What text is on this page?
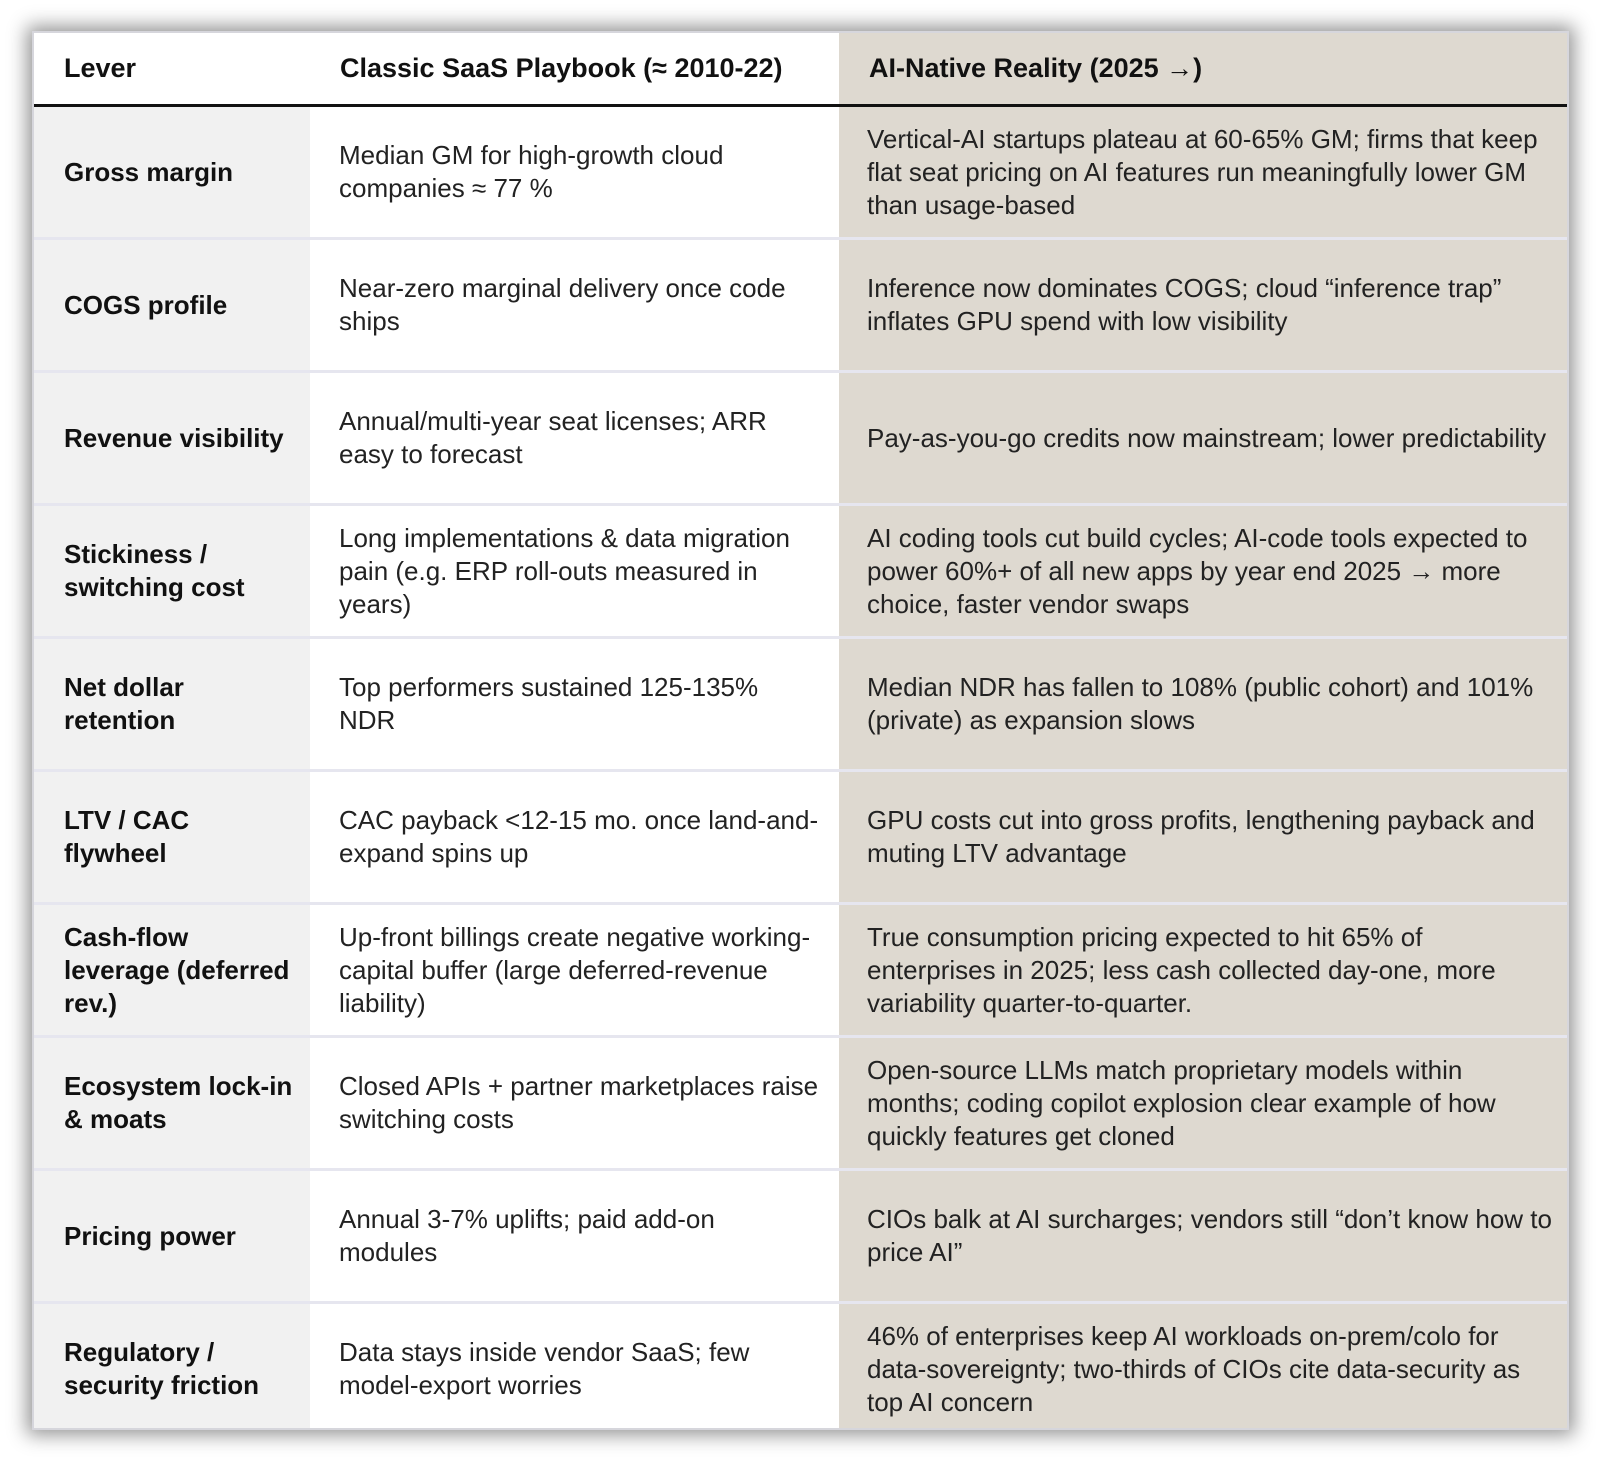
Lever	Classic SaaS Playbook (≈ 2010-22)	AI-Native Reality (2025 →)
Gross margin	Median GM for high-growth cloud companies ≈ 77 %	Vertical-AI startups plateau at 60-65% GM; firms that keep flat seat pricing on AI features run meaningfully lower GM than usage-based
COGS profile	Near-zero marginal delivery once code ships	Inference now dominates COGS; cloud “inference trap” inflates GPU spend with low visibility
Revenue visibility	Annual/multi-year seat licenses; ARR easy to forecast	Pay-as-you-go credits now mainstream; lower predictability
Stickiness / switching cost	Long implementations & data migration pain (e.g. ERP roll-outs measured in years)	AI coding tools cut build cycles; AI-code tools expected to power 60%+ of all new apps by year end 2025 → more choice, faster vendor swaps
Net dollar retention	Top performers sustained 125-135% NDR	Median NDR has fallen to 108% (public cohort) and 101% (private) as expansion slows
LTV / CAC flywheel	CAC payback <12-15 mo. once land-and-expand spins up	GPU costs cut into gross profits, lengthening payback and muting LTV advantage
Cash-flow leverage (deferred rev.)	Up-front billings create negative working-capital buffer (large deferred-revenue liability)	True consumption pricing expected to hit 65% of enterprises in 2025; less cash collected day-one, more variability quarter-to-quarter.
Ecosystem lock-in & moats	Closed APIs + partner marketplaces raise switching costs	Open-source LLMs match proprietary models within months; coding copilot explosion clear example of how quickly features get cloned
Pricing power	Annual 3-7% uplifts; paid add-on modules	CIOs balk at AI surcharges; vendors still “don’t know how to price AI”
Regulatory / security friction	Data stays inside vendor SaaS; few model-export worries	46% of enterprises keep AI workloads on-prem/colo for data-sovereignty; two-thirds of CIOs cite data-security as top AI concern
